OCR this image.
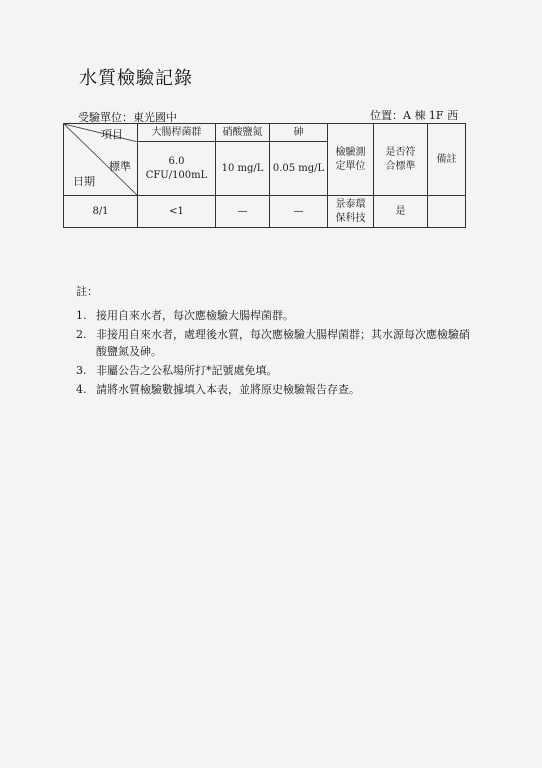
水質檢驗記錄
受驗單位：東光國中	位置：A 棟 1F 西
項目
標準
日期	大腸桿菌群	硝酸鹽氮	砷	檢驗測定單位	是否符合標準	備註
	6.0 CFU/100mL	10 mg/L	0.05 mg/L			
8/1	<1	—	—	景泰環保科技	是	
註：
1. 接用自來水者，每次應檢驗大腸桿菌群。
2. 非接用自來水者，處理後水質，每次應檢驗大腸桿菌群；其水源每次應檢驗硝酸鹽氮及砷。
3. 非屬公告之公私場所打*記號處免填。
4. 請將水質檢驗數據填入本表，並將原史檢驗報告存查。
